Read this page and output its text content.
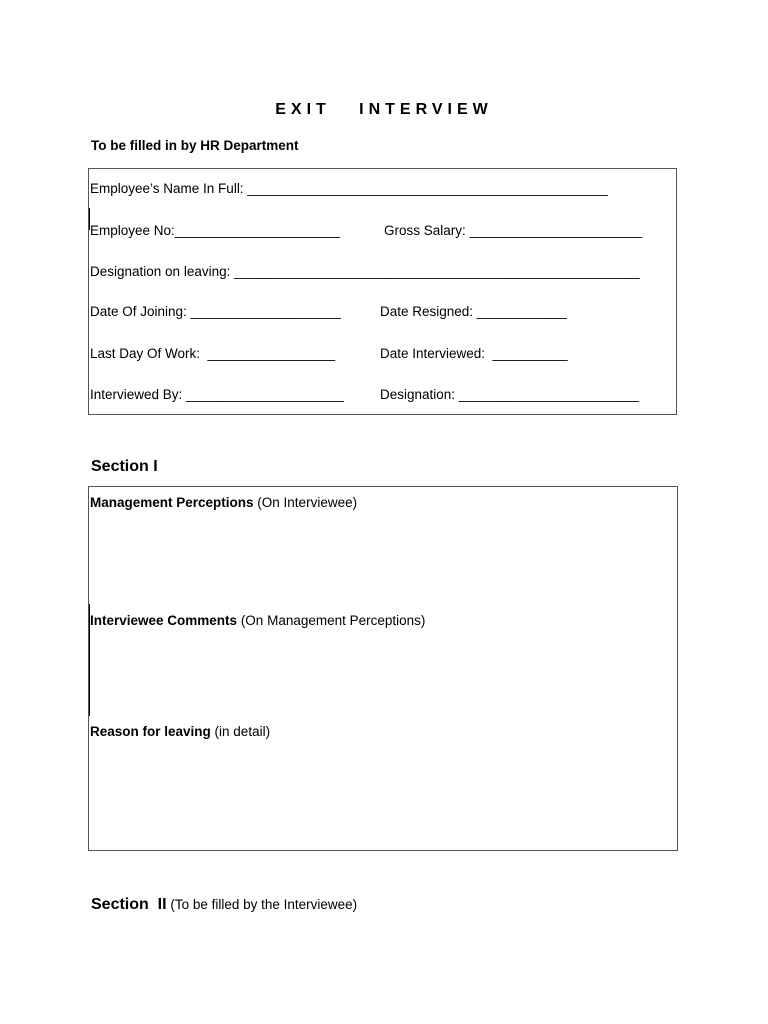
EXIT   INTERVIEW
To be filled in by HR Department
Employee’s Name In Full: ________________________________________________
Employee No:______________________	Gross Salary: _______________________
Designation on leaving: ______________________________________________________
Date Of Joining: ____________________	Date Resigned: ____________
Last Day Of Work:  _________________	Date Interviewed:  __________
Interviewed By: _____________________	Designation: ________________________
Section I
Management Perceptions (On Interviewee)
Interviewee Comments (On Management Perceptions)
Reason for leaving (in detail)
Section  II (To be filled by the Interviewee)
